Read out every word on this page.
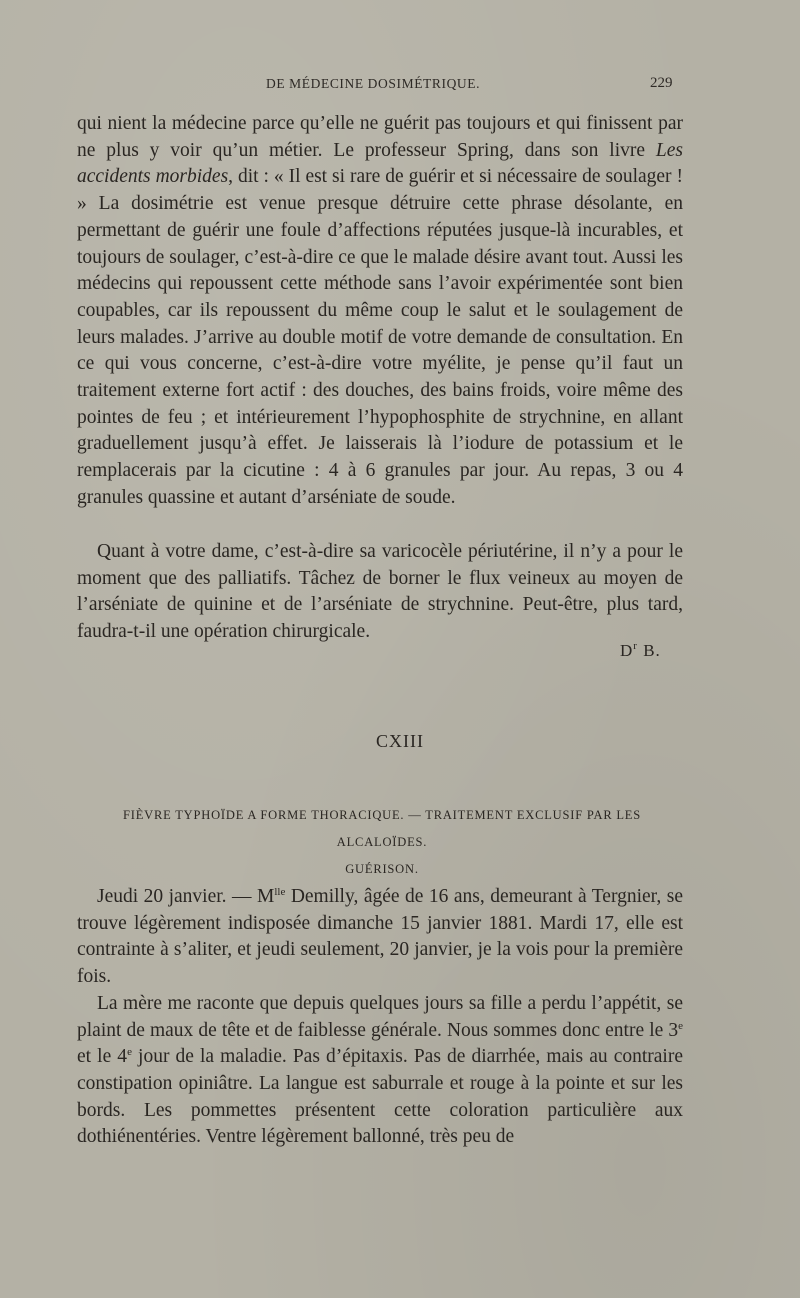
DE MÉDECINE DOSIMÉTRIQUE.	229

qui nient la médecine parce qu’elle ne guérit pas toujours et qui finissent par ne plus y voir qu’un métier. Le professeur Spring, dans son livre Les accidents morbides, dit : « Il est si rare de guérir et si nécessaire de soulager ! » La dosimétrie est venue presque détruire cette phrase désolante, en permettant de guérir une foule d’affections réputées jusque-là incurables, et toujours de soulager, c’est-à-dire ce que le malade désire avant tout. Aussi les médecins qui repoussent cette méthode sans l’avoir expérimentée sont bien coupables, car ils repoussent du même coup le salut et le soulagement de leurs malades. J’arrive au double motif de votre demande de consultation. En ce qui vous concerne, c’est-à-dire votre myélite, je pense qu’il faut un traitement externe fort actif : des douches, des bains froids, voire même des pointes de feu ; et intérieurement l’hypophosphite de strychnine, en allant graduellement jusqu’à effet. Je laisserais là l’iodure de potassium et le remplacerais par la cicutine : 4 à 6 granules par jour. Au repas, 3 ou 4 granules quassine et autant d’arséniate de soude.

Quant à votre dame, c’est-à-dire sa varicocèle périutérine, il n’y a pour le moment que des palliatifs. Tâchez de borner le flux veineux au moyen de l’arséniate de quinine et de l’arséniate de strychnine. Peut-être, plus tard, faudra-t-il une opération chirurgicale.

$D^r$ B.
CXIII
FIÈVRE TYPHOÏDE A FORME THORACIQUE. — TRAITEMENT EXCLUSIF PAR LES ALCALOÏDES.
GUÉRISON.

Jeudi 20 janvier. — $M^{lle}$ Demilly, âgée de 16 ans, demeurant à Tergnier, se trouve légèrement indisposée dimanche 15 janvier 1881. Mardi 17, elle est contrainte à s’aliter, et jeudi seulement, 20 janvier, je la vois pour la première fois.

La mère me raconte que depuis quelques jours sa fille a perdu l’appétit, se plaint de maux de tête et de faiblesse générale. Nous sommes donc entre le 3e et le 4e jour de la maladie. Pas d’épitaxis. Pas de diarrhée, mais au contraire constipation opiniâtre. La langue est saburrale et rouge à la pointe et sur les bords. Les pommettes présentent cette coloration particulière aux dothiénentéries. Ventre légèrement ballonné, très peu de
